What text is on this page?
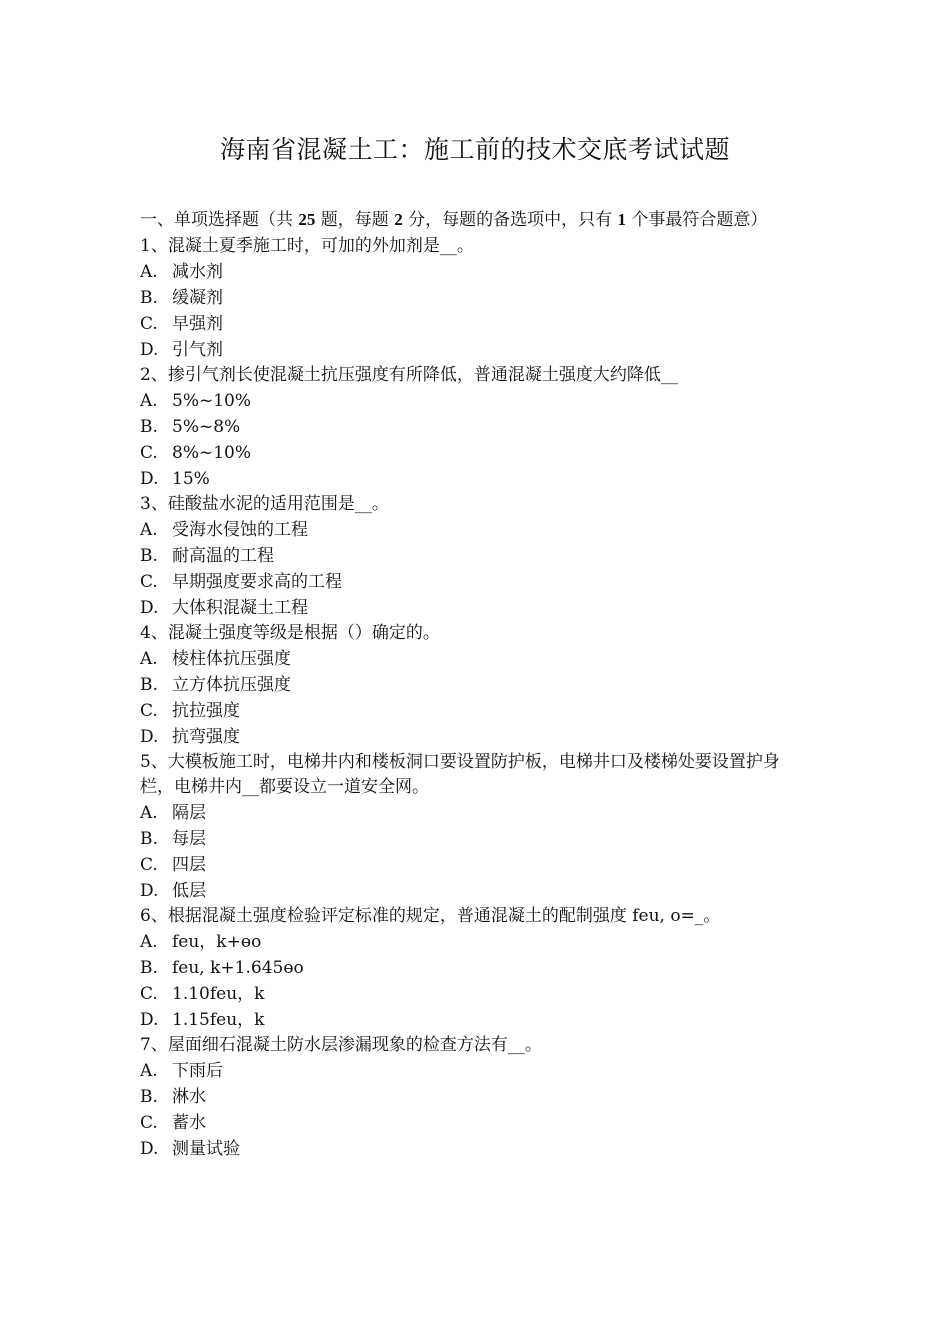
海南省混凝土工：施工前的技术交底考试试题
一、单项选择题（共 25 题，每题 2 分，每题的备选项中，只有 1 个事最符合题意）
1、混凝土夏季施工时，可加的外加剂是__。
A. 减水剂
B. 缓凝剂
C. 早强剂
D. 引气剂
2、掺引气剂长使混凝土抗压强度有所降低，普通混凝土强度大约降低__
A. 5%~10%
B. 5%~8%
C. 8%~10%
D. 15%
3、硅酸盐水泥的适用范围是__。
A. 受海水侵蚀的工程
B. 耐高温的工程
C. 早期强度要求高的工程
D. 大体积混凝土工程
4、混凝土强度等级是根据（）确定的。
A. 棱柱体抗压强度
B. 立方体抗压强度
C. 抗拉强度
D. 抗弯强度
5、大模板施工时，电梯井内和楼板洞口要设置防护板，电梯井口及楼梯处要设置护身栏，电梯井内__都要设立一道安全网。
A. 隔层
B. 每层
C. 四层
D. 低层
6、根据混凝土强度检验评定标准的规定，普通混凝土的配制强度 feu, o=_。
A. feu，k+ɵo
B. feu, k+1.645ɵo
C. 1.10feu，k
D. 1.15feu，k
7、屋面细石混凝土防水层渗漏现象的检查方法有__。
A. 下雨后
B. 淋水
C. 蓄水
D. 测量试验
